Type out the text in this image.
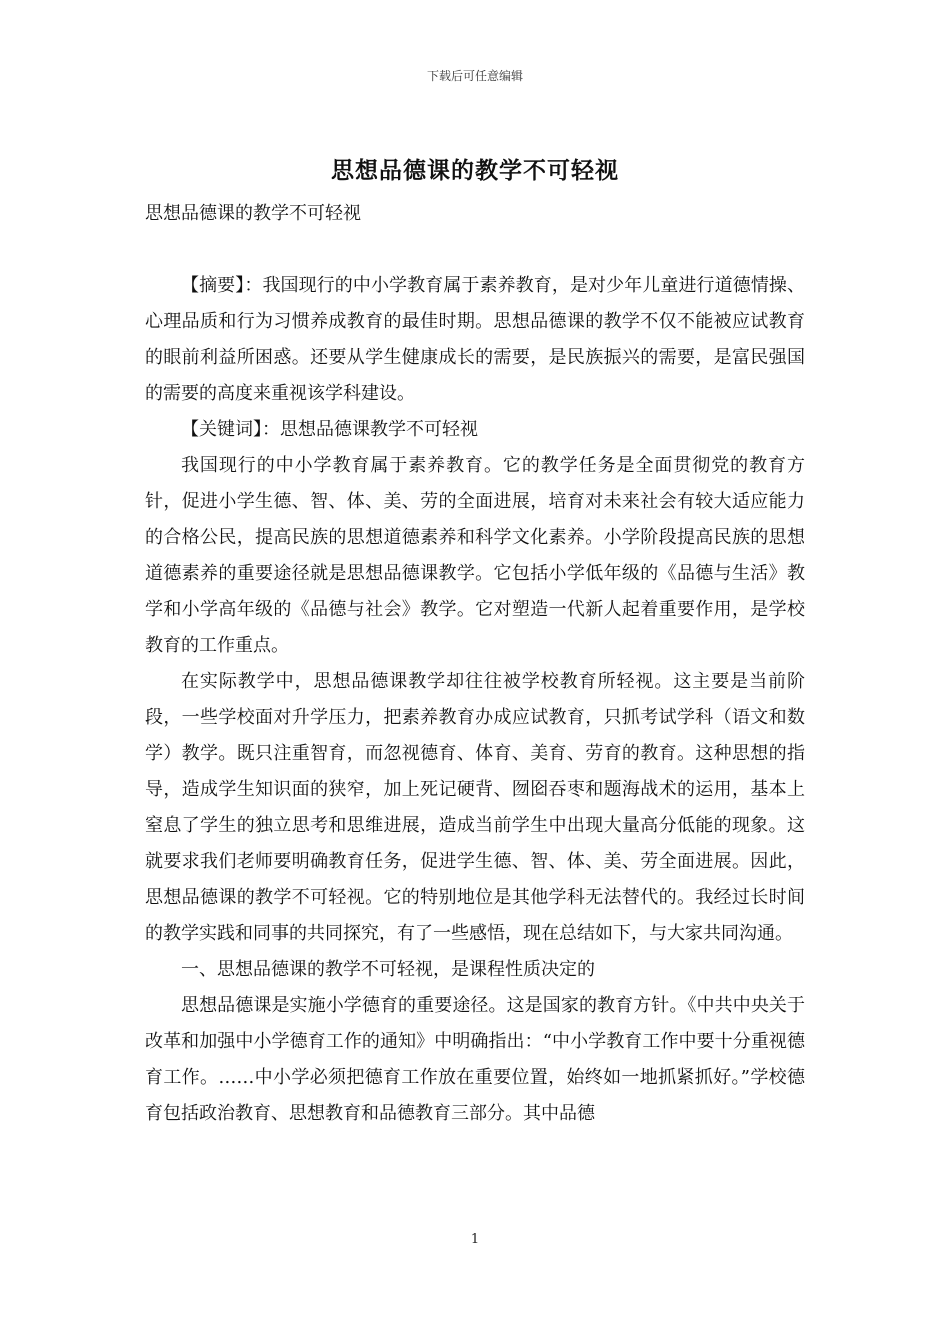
下载后可任意编辑
思想品德课的教学不可轻视
思想品德课的教学不可轻视

【摘要】：我国现行的中小学教育属于素养教育，是对少年儿童进行道德情操、心理品质和行为习惯养成教育的最佳时期。思想品德课的教学不仅不能被应试教育的眼前利益所困惑。还要从学生健康成长的需要，是民族振兴的需要，是富民强国的需要的高度来重视该学科建设。

【关键词】：思想品德课教学不可轻视

我国现行的中小学教育属于素养教育。它的教学任务是全面贯彻党的教育方针，促进小学生德、智、体、美、劳的全面进展，培育对未来社会有较大适应能力的合格公民，提高民族的思想道德素养和科学文化素养。小学阶段提高民族的思想道德素养的重要途径就是思想品德课教学。它包括小学低年级的《品德与生活》教学和小学高年级的《品德与社会》教学。它对塑造一代新人起着重要作用，是学校教育的工作重点。

在实际教学中，思想品德课教学却往往被学校教育所轻视。这主要是当前阶段，一些学校面对升学压力，把素养教育办成应试教育，只抓考试学科（语文和数学）教学。既只注重智育，而忽视德育、体育、美育、劳育的教育。这种思想的指导，造成学生知识面的狭窄，加上死记硬背、囫囵吞枣和题海战术的运用，基本上窒息了学生的独立思考和思维进展，造成当前学生中出现大量高分低能的现象。这就要求我们老师要明确教育任务，促进学生德、智、体、美、劳全面进展。因此，思想品德课的教学不可轻视。它的特别地位是其他学科无法替代的。我经过长时间的教学实践和同事的共同探究，有了一些感悟，现在总结如下，与大家共同沟通。

一、思想品德课的教学不可轻视，是课程性质决定的

思想品德课是实施小学德育的重要途径。这是国家的教育方针。《中共中央关于改革和加强中小学德育工作的通知》中明确指出：“中小学教育工作中要十分重视德育工作。……中小学必须把德育工作放在重要位置，始终如一地抓紧抓好。”学校德育包括政治教育、思想教育和品德教育三部分。其中品德

1
